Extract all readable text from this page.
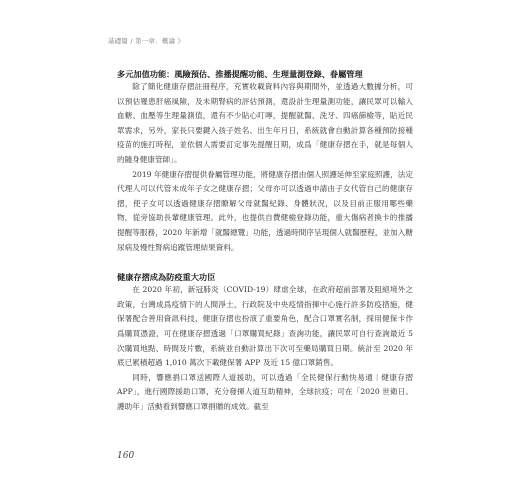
基礎篇 / 第一章．概論 》
多元加值功能：風險預估、推播提醒功能、生理量測登錄、眷屬管理

除了簡化健康存摺註冊程序，充實收載資料內容與期間外，並透過大數據分析，可以預估罹患肝癌風險，及未期腎病的評估預測，還設計生理量測功能，讓民眾可以輸入血糖、血壓等生理量測值，還有不少貼心叮嚀，提醒就醫、洗牙、四癌篩檢等，貼近民眾需求，另外，家長只要鍵入孩子姓名、出生年月日，系統就會自動計算各種預防接種疫苗的施打時程，並依個人需要訂定事先提醒日期，成爲「健康存摺在手，就是每個人的隨身健康管師」。

2019 年健康存摺提供眷屬管理功能，將健康存摺由個人照護延伸至家庭照護，法定代理人可以代管未成年子女之健康存摺；父母亦可以透過申請由子女代管自己的健康存摺，使子女可以透過健康存摺瞭解父母就醫紀錄、身體狀況，以及目前正服用哪些藥物，從旁協助長輩健康管理。此外，也提供自費健檢登錄功能，重大傷病者換卡的推播提醒等服務，2020 年新增「就醫總覽」功能，透過時間序呈現個人就醫歷程，並加入糖尿病及慢性腎病追蹤管理結果資料。

健康存摺成為防疫重大功臣

在 2020 年初，新冠肺炎（COVID-19）肆虐全球，在政府超前部署及阻絕境外之政策，台灣成爲疫情下的人間淨土，行政院及中央疫情指揮中心施行許多防疫措施，健保署配合善用資訊科技，健康存摺也扮演了重要角色，配合口罩實名制，採用健保卡作爲購買憑證，可在健康存摺透過「口罩購買紀錄」查詢功能，讓民眾可自行查詢最近 5 次購買地點、時間及片數，系統並自動計算出下次可至藥局購買日期。統計至 2020 年底已累積超過 1,010 萬次下載健保署 APP 及近 15 億口罩銷售。

同時，響應捐口罩送國際人道援助，可以透過「全民健保行動快易通｜健康存摺 APP」，進行國際援助口罩，充分發揮人道互助精神，全球抗疫；可在「2020 世衛日、護助年」活動看到響應口罩捐贈的成效。截至

160
